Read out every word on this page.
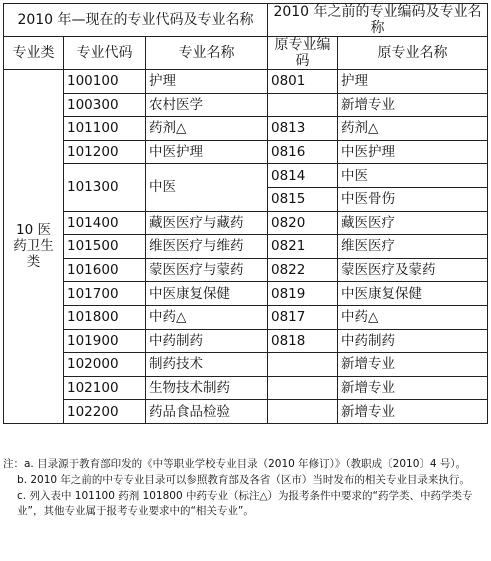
2010 年—现在的专业代码及专业名称			2010 年之前的专业编码及专业名称	
专业类	专业代码	专业名称	原专业编码	原专业名称
10 医药卫生类	100100	护理	0801	护理
	100300	农村医学		新增专业
	101100	药剂△	0813	药剂△
	101200	中医护理	0816	中医护理
	101300	中医	0814	中医
			0815	中医骨伤
	101400	藏医医疗与藏药	0820	藏医医疗
	101500	维医医疗与维药	0821	维医医疗
	101600	蒙医医疗与蒙药	0822	蒙医医疗及蒙药
	101700	中医康复保健	0819	中医康复保健
	101800	中药△	0817	中药△
	101900	中药制药	0818	中药制药
	102000	制药技术		新增专业
	102100	生物技术制药		新增专业
	102200	药品食品检验		新增专业
注：a. 目录源于教育部印发的《中等职业学校专业目录（2010 年修订）》（教职成〔2010〕4 号）。
b. 2010 年之前的中专专业目录可以参照教育部及各省（区市）当时发布的相关专业目录来执行。
c. 列入表中 101100 药剂 101800 中药专业（标注△）为报考条件中要求的“药学类、中药学类专业”，其他专业属于报考专业要求中的“相关专业”。
